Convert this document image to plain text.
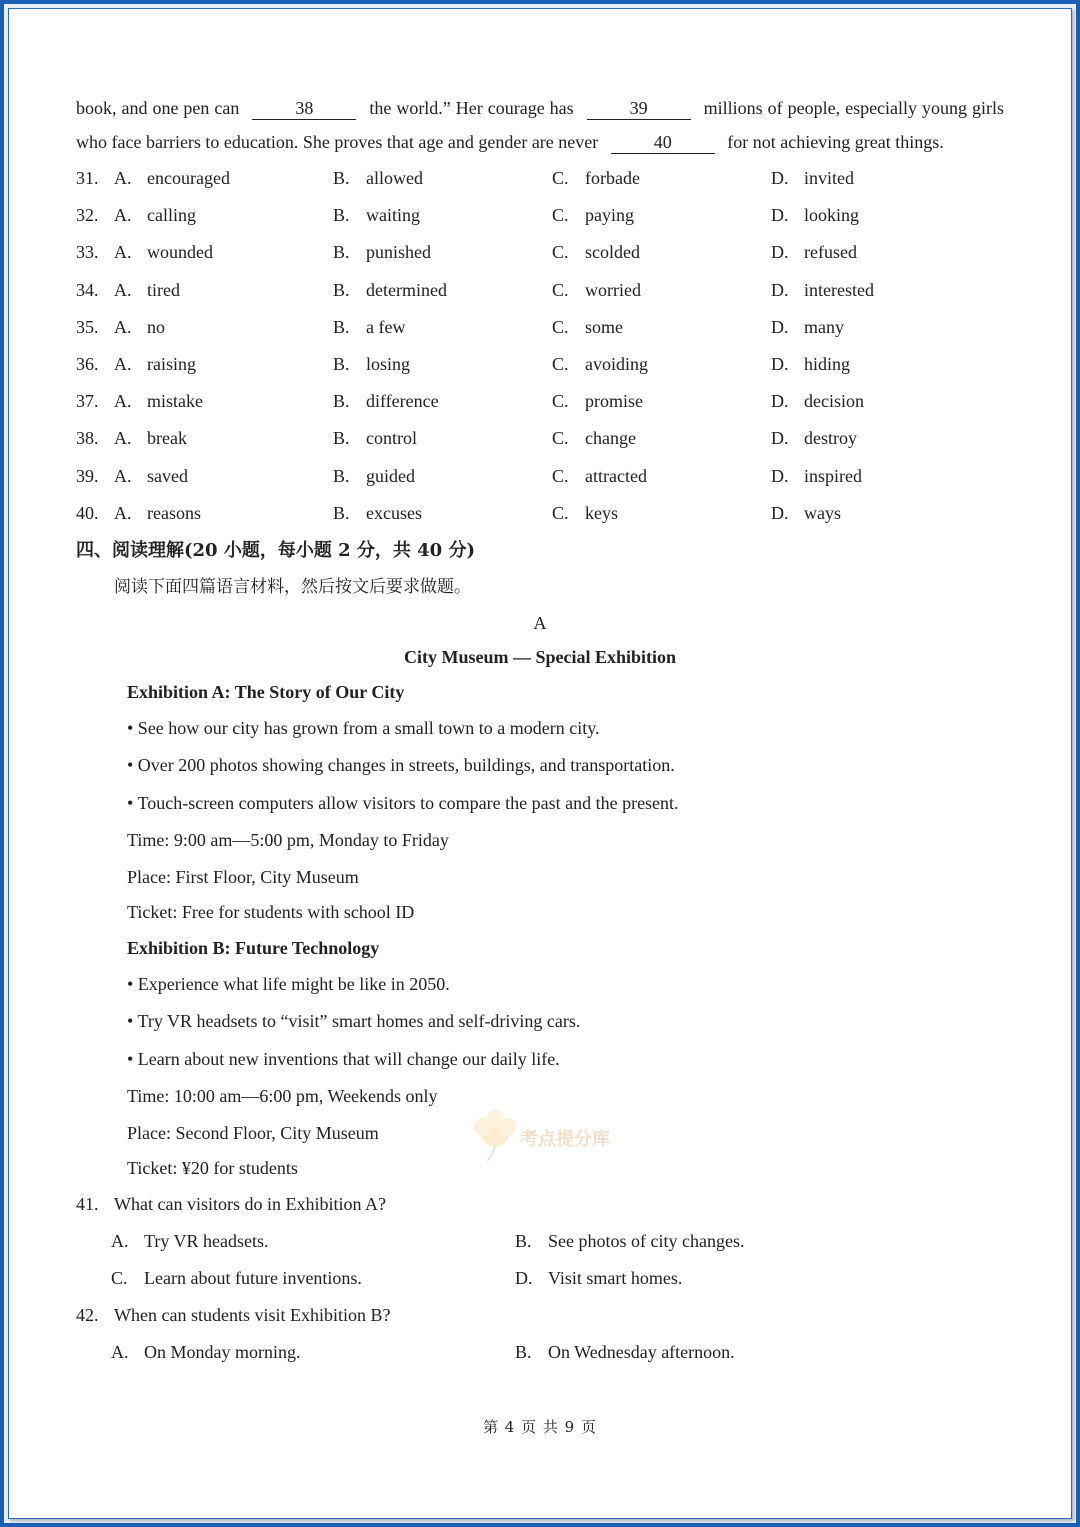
book, and one pen can	38	the world.” Her courage has	39	millions of people, especially young girls who face barriers to education. She proves that age and gender are never	40	for not achieving great things.

31. A. encouraged	B. allowed	C. forbade	D. invited
32. A. calling	B. waiting	C. paying	D. looking
33. A. wounded	B. punished	C. scolded	D. refused
34. A. tired	B. determined	C. worried	D. interested
35. A. no	B. a few	C. some	D. many
36. A. raising	B. losing	C. avoiding	D. hiding
37. A. mistake	B. difference	C. promise	D. decision
38. A. break	B. control	C. change	D. destroy
39. A. saved	B. guided	C. attracted	D. inspired
40. A. reasons	B. excuses	C. keys	D. ways
四、阅读理解(20 小题，每小题 2 分，共 40 分)
阅读下面四篇语言材料，然后按文后要求做题。
A
City Museum — Special Exhibition
Exhibition A: The Story of Our City
• See how our city has grown from a small town to a modern city.
• Over 200 photos showing changes in streets, buildings, and transportation.
• Touch-screen computers allow visitors to compare the past and the present.
Time: 9:00 am—5:00 pm, Monday to Friday
Place: First Floor, City Museum
Ticket: Free for students with school ID
Exhibition B: Future Technology
• Experience what life might be like in 2050.
• Try VR headsets to “visit” smart homes and self-driving cars.
• Learn about new inventions that will change our daily life.
Time: 10:00 am—6:00 pm, Weekends only
Place: Second Floor, City Museum
Ticket: ¥20 for students
41. What can visitors do in Exhibition A?
A. Try VR headsets.	B. See photos of city changes.
C. Learn about future inventions.	D. Visit smart homes.
42. When can students visit Exhibition B?
A. On Monday morning.	B. On Wednesday afternoon.
考点提分库
第 4 页 共 9 页
